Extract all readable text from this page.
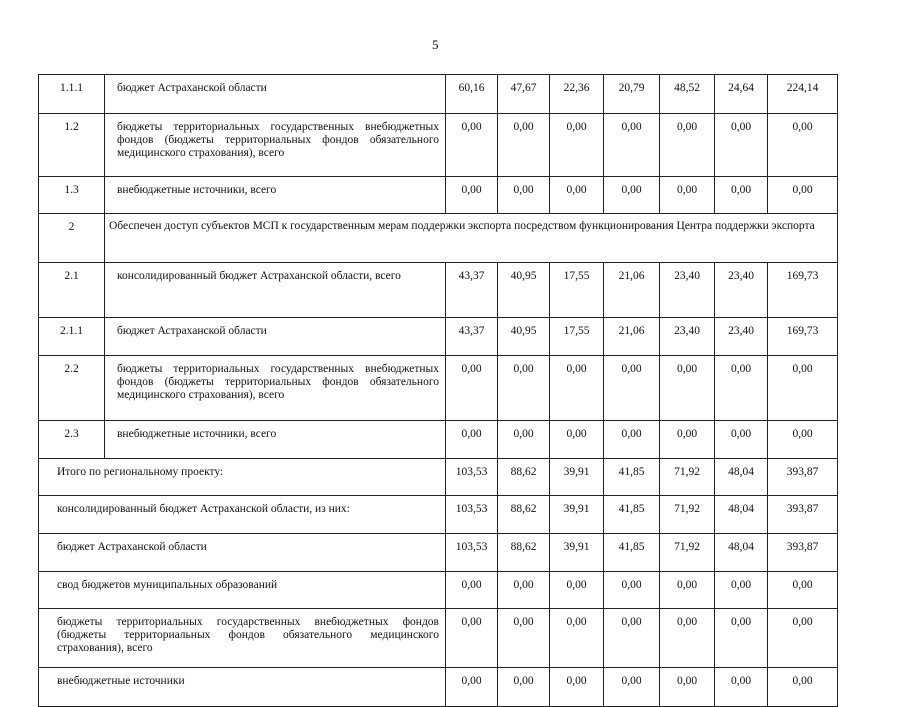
5
1.1.1	бюджет Астраханской области	60,16	47,67	22,36	20,79	48,52	24,64	224,14
1.2	бюджеты территориальных государственных внебюджетных фондов (бюджеты территориальных фондов обязательного медицинского страхования), всего	0,00	0,00	0,00	0,00	0,00	0,00	0,00
1.3	внебюджетные источники, всего	0,00	0,00	0,00	0,00	0,00	0,00	0,00
2	Обеспечен доступ субъектов МСП к государственным мерам поддержки экспорта посредством функционирования Центра поддержки экспорта							
2.1	консолидированный бюджет Астраханской области, всего	43,37	40,95	17,55	21,06	23,40	23,40	169,73
2.1.1	бюджет Астраханской области	43,37	40,95	17,55	21,06	23,40	23,40	169,73
2.2	бюджеты территориальных государственных внебюджетных фондов (бюджеты территориальных фондов обязательного медицинского страхования), всего	0,00	0,00	0,00	0,00	0,00	0,00	0,00
2.3	внебюджетные источники, всего	0,00	0,00	0,00	0,00	0,00	0,00	0,00
Итого по региональному проекту:		103,53	88,62	39,91	41,85	71,92	48,04	393,87
консолидированный бюджет Астраханской области, из них:		103,53	88,62	39,91	41,85	71,92	48,04	393,87
бюджет Астраханской области		103,53	88,62	39,91	41,85	71,92	48,04	393,87
свод бюджетов муниципальных образований		0,00	0,00	0,00	0,00	0,00	0,00	0,00
бюджеты территориальных государственных внебюджетных фондов (бюджеты территориальных фондов обязательного медицинского страхования), всего		0,00	0,00	0,00	0,00	0,00	0,00	0,00
внебюджетные источники		0,00	0,00	0,00	0,00	0,00	0,00	0,00
